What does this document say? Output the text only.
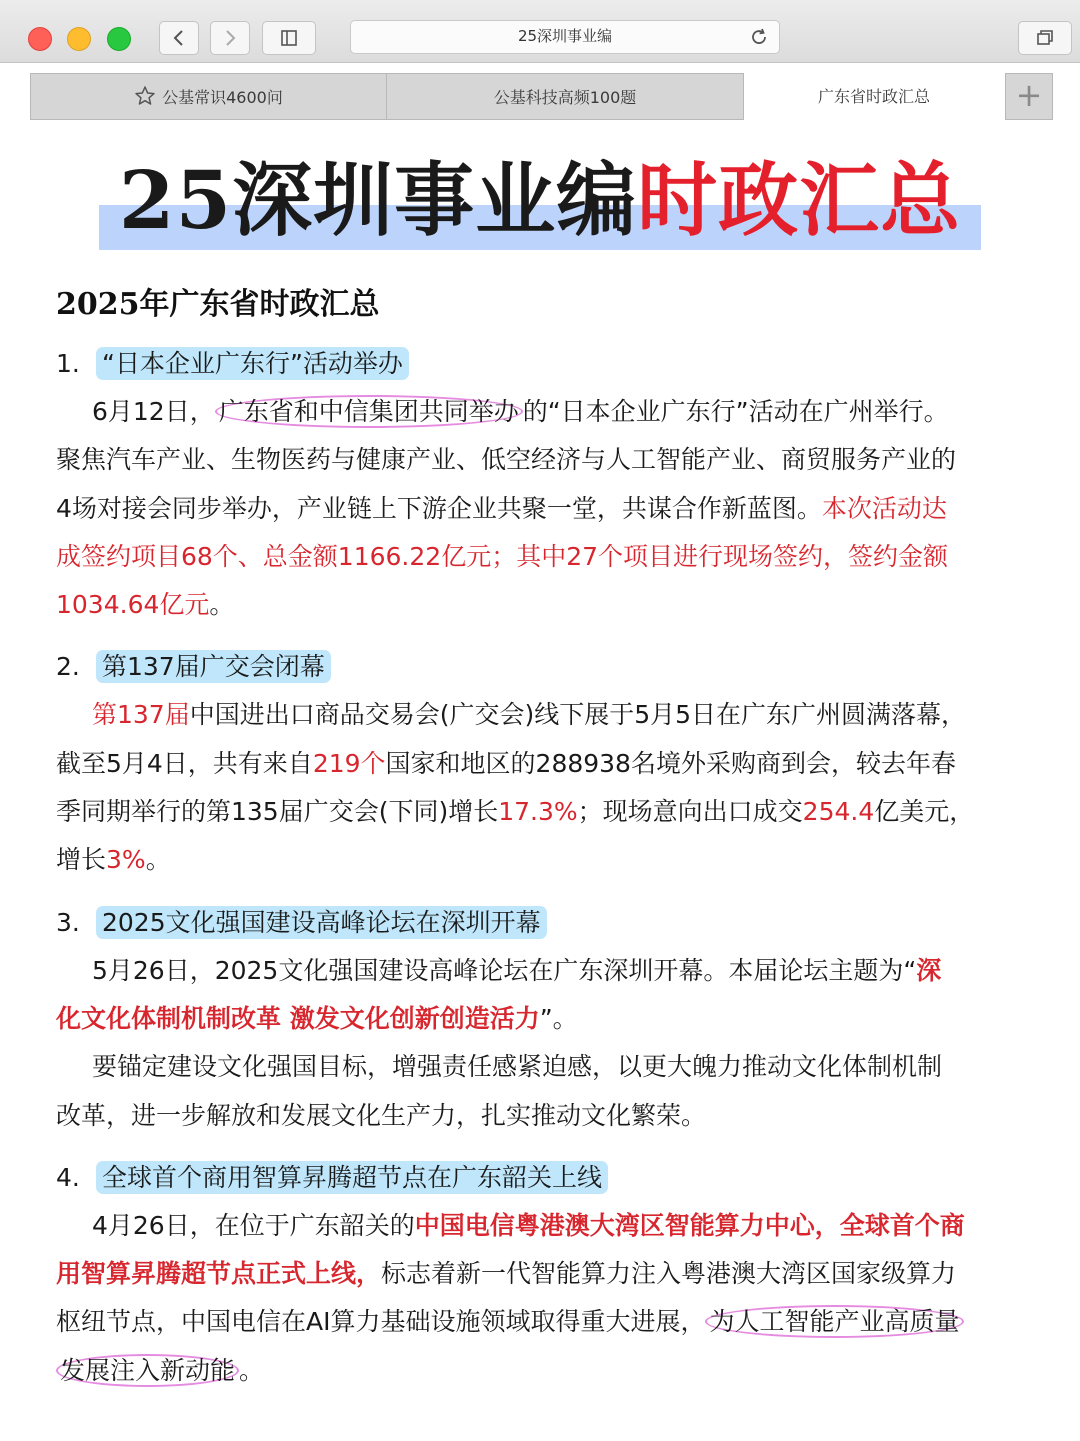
25深圳事业编
公基常识4600问	公基科技高频100题	广东省时政汇总	+
25深圳事业编时政汇总
2025年广东省时政汇总
1. “日本企业广东行”活动举办
6月12日， 广东省和中信集团共同举办 的“日本企业广东行”活动在广州举行。
聚焦汽车产业、生物医药与健康产业、低空经济与人工智能产业、商贸服务产业的
4场对接会同步举办，产业链上下游企业共聚一堂，共谋合作新蓝图。本次活动达
成签约项目68个、总金额1166.22亿元；其中27个项目进行现场签约，签约金额
1034.64亿元。
2. 第137届广交会闭幕
第137届中国进出口商品交易会(广交会)线下展于5月5日在广东广州圆满落幕，
截至5月4日，共有来自219个国家和地区的288938名境外采购商到会，较去年春
季同期举行的第135届广交会(下同)增长17.3%；现场意向出口成交254.4亿美元，
增长3%。
3. 2025文化强国建设高峰论坛在深圳开幕
5月26日，2025文化强国建设高峰论坛在广东深圳开幕。本届论坛主题为“深
化文化体制机制改革 激发文化创新创造活力”。
要锚定建设文化强国目标，增强责任感紧迫感，以更大魄力推动文化体制机制
改革，进一步解放和发展文化生产力，扎实推动文化繁荣。
4. 全球首个商用智算昇腾超节点在广东韶关上线
4月26日，在位于广东韶关的中国电信粤港澳大湾区智能算力中心，全球首个商
用智算昇腾超节点正式上线，标志着新一代智能算力注入粤港澳大湾区国家级算力
枢纽节点，中国电信在AI算力基础设施领域取得重大进展， 为人工智能产业高质量
发展注入新动能 。
